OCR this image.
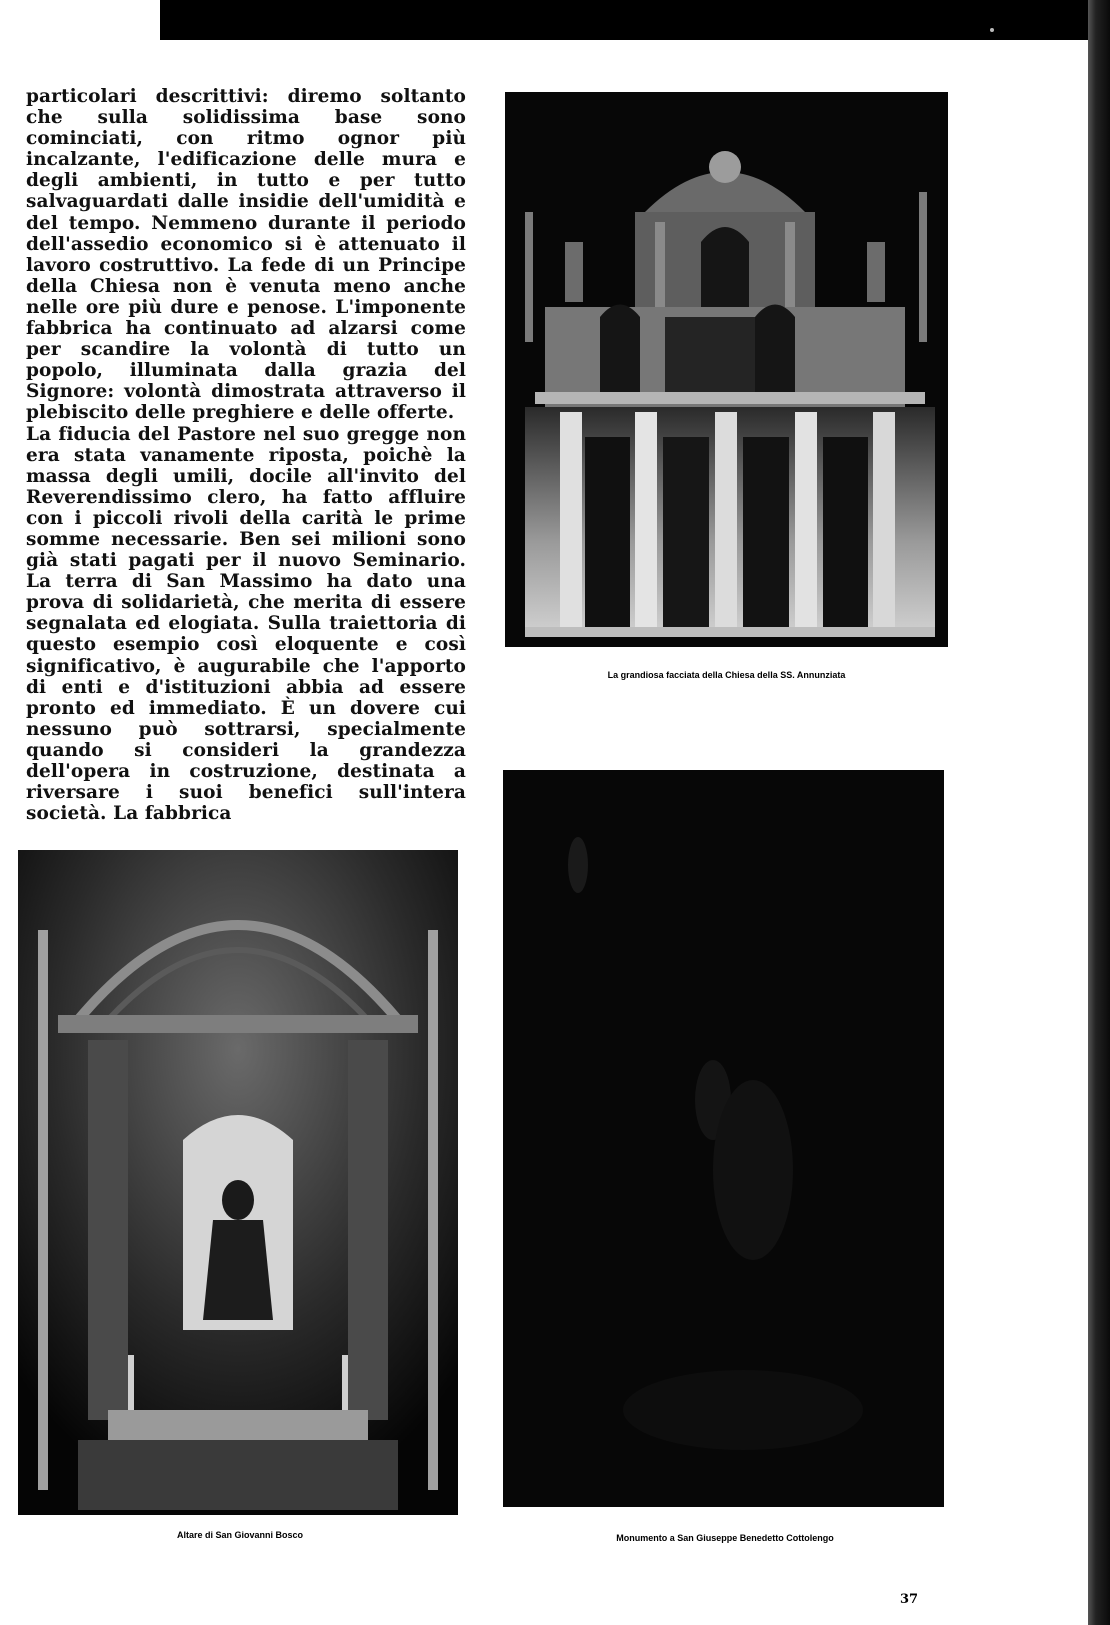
particolari descrittivi: diremo soltanto che sulla solidissima base sono cominciati, con ritmo ognor più incalzante, l'edificazione delle mura e degli ambienti, in tutto e per tutto salvaguardati dalle insidie dell'umidità e del tempo. Nemmeno durante il periodo dell'assedio economico si è attenuato il lavoro costruttivo. La fede di un Principe della Chiesa non è venuta meno anche nelle ore più dure e penose. L'imponente fabbrica ha continuato ad alzarsi come per scandire la volontà di tutto un popolo, illuminata dalla grazia del Signore: volontà dimostrata attraverso il plebiscito delle preghiere e delle offerte.
La fiducia del Pastore nel suo gregge non era stata vanamente riposta, poichè la massa degli umili, docile all'invito del Reverendissimo clero, ha fatto affluire con i piccoli rivoli della carità le prime somme necessarie. Ben sei milioni sono già stati pagati per il nuovo Seminario. La terra di San Massimo ha dato una prova di solidarietà, che merita di essere segnalata ed elogiata. Sulla traiettoria di questo esempio così eloquente e così significativo, è augurabile che l'apporto di enti e d'istituzioni abbia ad essere pronto ed immediato. È un dovere cui nessuno può sottrarsi, specialmente quando si consideri la grandezza dell'opera in costruzione, destinata a riversare i suoi benefici sull'intera società. La fabbrica
La grandiosa facciata della Chiesa della SS. Annunziata
Altare di San Giovanni Bosco	Monumento a San Giuseppe Benedetto Cottolengo
37
